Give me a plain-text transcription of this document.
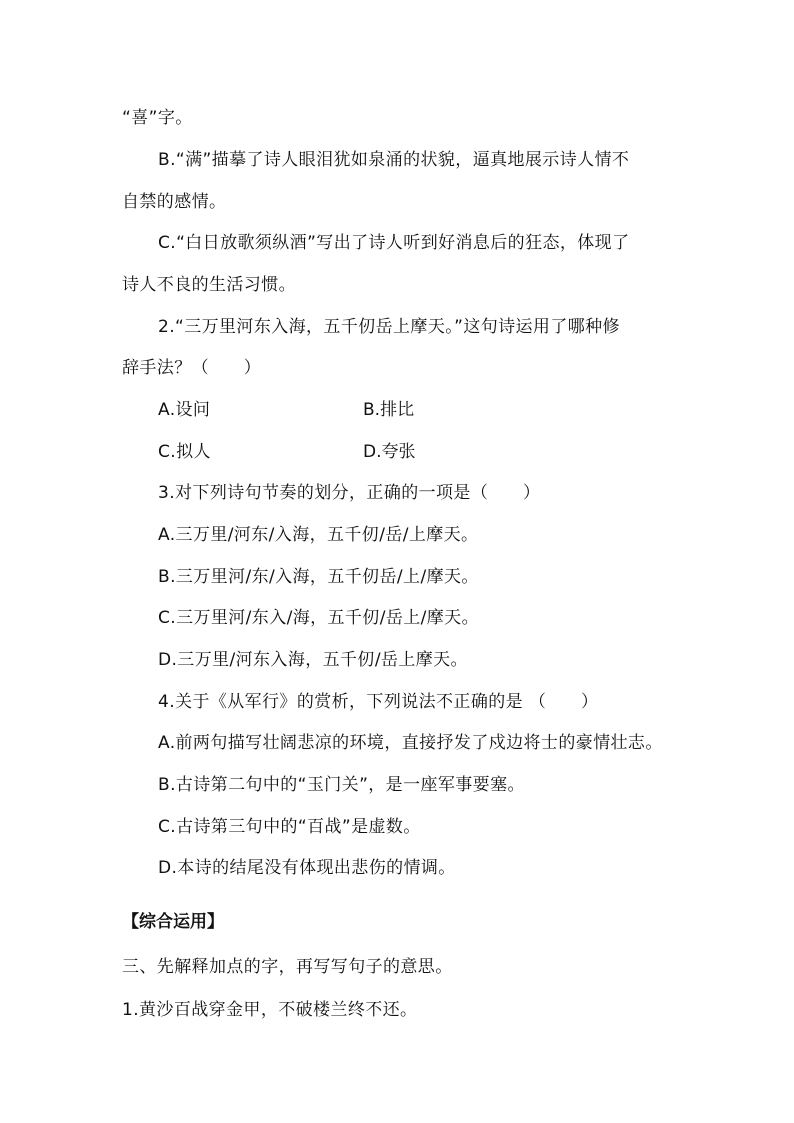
“喜”字。
B.“满”描摹了诗人眼泪犹如泉涌的状貌，逼真地展示诗人情不
自禁的感情。
C.“白日放歌须纵酒”写出了诗人听到好消息后的狂态，体现了
诗人不良的生活习惯。
2.“三万里河东入海，五千仞岳上摩天。”这句诗运用了哪种修
辞手法？（　　）
A.设问	B.排比
C.拟人	D.夸张
3.对下列诗句节奏的划分，正确的一项是（　　）
A.三万里/河东/入海，五千仞/岳/上摩天。
B.三万里河/东/入海，五千仞岳/上/摩天。
C.三万里河/东入/海，五千仞/岳上/摩天。
D.三万里/河东入海，五千仞/岳上摩天。
4.关于《从军行》的赏析，下列说法不正确的是 （　　）
A.前两句描写壮阔悲凉的环境，直接抒发了戍边将士的豪情壮志。
B.古诗第二句中的“玉门关”，是一座军事要塞。
C.古诗第三句中的“百战”是虚数。
D.本诗的结尾没有体现出悲伤的情调。
【综合运用】
三、先解释加点的字，再写写句子的意思。
1.黄沙百战穿金甲，不破楼兰终不还。
